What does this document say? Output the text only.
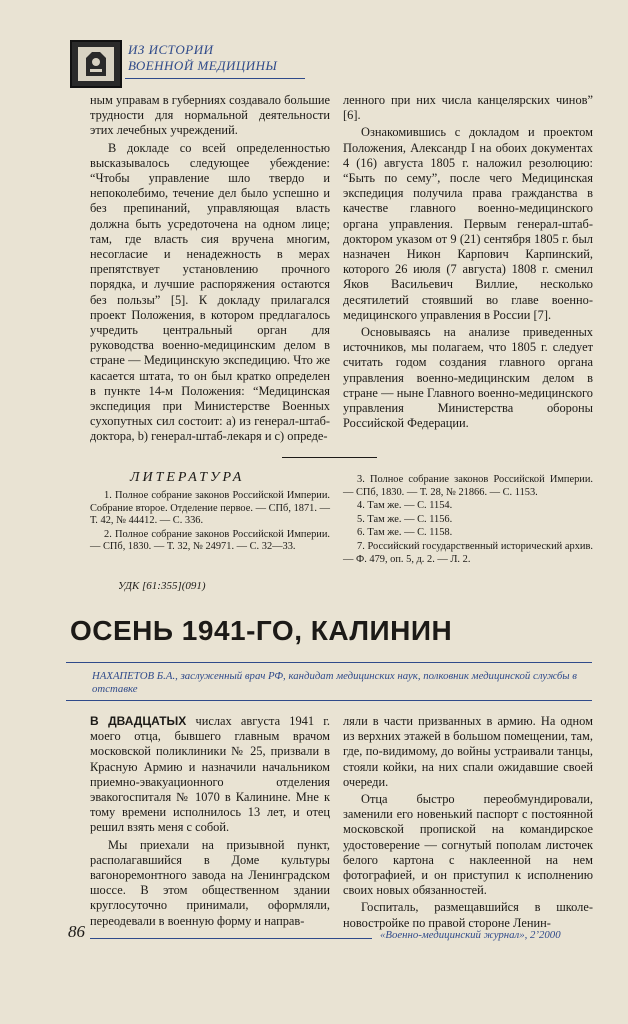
ИЗ ИСТОРИИ
ВОЕННОЙ МЕДИЦИНЫ

ным управам в губерниях создавало большие трудности для нормальной деятельности этих лечебных учреждений.

В докладе со всей определенностью высказывалось следующее убеждение: “Чтобы управление шло твердо и непоколебимо, течение дел было успешно и без препинаний, управляющая власть должна быть усредоточена на одном лице; там, где власть сия вручена многим, несогласие и ненадежность в мерах препятствует установлению прочного порядка, и лучшие распоряжения остаются без пользы” [5]. К докладу прилагался проект Положения, в котором предлагалось учредить центральный орган для руководства военно-медицинским делом в стране — Медицинскую экспедицию. Что же касается штата, то он был кратко определен в пункте 14-м Положения: “Медицинская экспедиция при Министерстве Военных сухопутных сил состоит: а) из генерал-штаб-доктора, b) генерал-штаб-лекаря и с) опреде-

ленного при них числа канцелярских чинов” [6].

Ознакомившись с докладом и проектом Положения, Александр I на обоих документах 4 (16) августа 1805 г. наложил резолюцию: “Быть по сему”, после чего Медицинская экспедиция получила права гражданства в качестве главного военно-медицинского органа управления. Первым генерал-штаб-доктором указом от 9 (21) сентября 1805 г. был назначен Никон Карпович Карпинский, которого 26 июля (7 августа) 1808 г. сменил Яков Васильевич Виллие, несколько десятилетий стоявший во главе военно-медицинского управления в России [7].

Основываясь на анализе приведенных источников, мы полагаем, что 1805 г. следует считать годом создания главного органа управления военно-медицинским делом в стране — ныне Главного военно-медицинского управления Министерства обороны Российской Федерации.

ЛИТЕРАТУРА

1. Полное собрание законов Российской Империи. Собрание второе. Отделение первое. — СПб, 1871. — Т. 42, № 44412. — С. 336.

2. Полное собрание законов Российской Империи. — СПб, 1830. — Т. 32, № 24971. — С. 32—33.

3. Полное собрание законов Российской Империи. — СПб, 1830. — Т. 28, № 21866. — С. 1153.

4. Там же. — С. 1154.

5. Там же. — С. 1156.

6. Там же. — С. 1158.

7. Российский государственный исторический архив. — Ф. 479, оп. 5, д. 2. — Л. 2.

УДК [61:355](091)
ОСЕНЬ 1941-ГО, КАЛИНИН
НАХАПЕТОВ Б.А., заслуженный врач РФ, кандидат медицинских наук, полковник медицинской службы в отставке

В ДВАДЦАТЫХ числах августа 1941 г. моего отца, бывшего главным врачом московской поликлиники № 25, призвали в Красную Армию и назначили начальником приемно-эвакуационного отделения эвакогоспиталя № 1070 в Калинине. Мне к тому времени исполнилось 13 лет, и отец решил взять меня с собой.

Мы приехали на призывной пункт, располагавшийся в Доме культуры вагоноремонтного завода на Ленинградском шоссе. В этом общественном здании круглосуточно принимали, оформляли, переодевали в военную форму и направ-

ляли в части призванных в армию. На одном из верхних этажей в большом помещении, там, где, по-видимому, до войны устраивали танцы, стояли койки, на них спали ожидавшие своей очереди.

Отца быстро переобмундировали, заменили его новенький паспорт с постоянной московской пропиской на командирское удостоверение — согнутый пополам листочек белого картона с наклеенной на нем фотографией, и он приступил к исполнению своих новых обязанностей.

Госпиталь, размещавшийся в школе-новостройке по правой стороне Ленин-

86	«Военно-медицинский журнал», 2’2000
